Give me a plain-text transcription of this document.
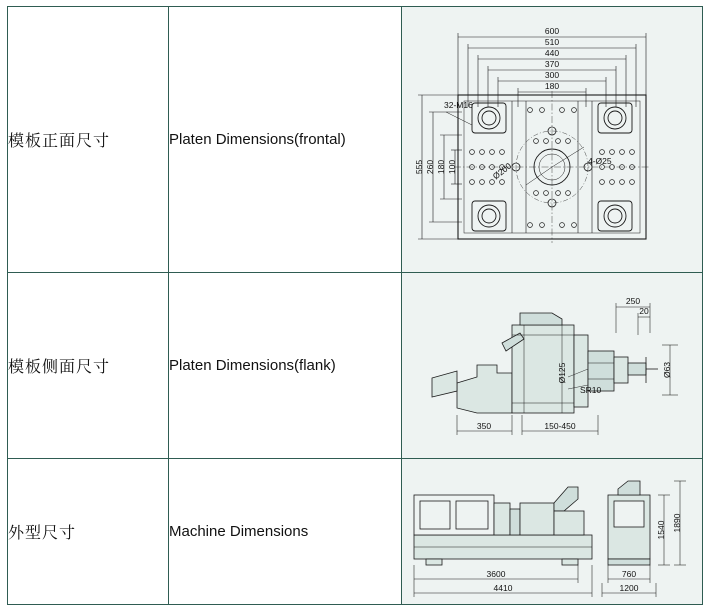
模板正面尺寸	Platen Dimensions(frontal)	
600
510
440
370
300
180
555 260 180 100
32-M16
4-Ø25
Ø200

模板侧面尺寸	Platen Dimensions(flank)	
250
20
Ø63
350	150-450
Ø125
SR10

外型尺寸	Machine Dimensions	
3600
4410
760
1200
1540 1890
